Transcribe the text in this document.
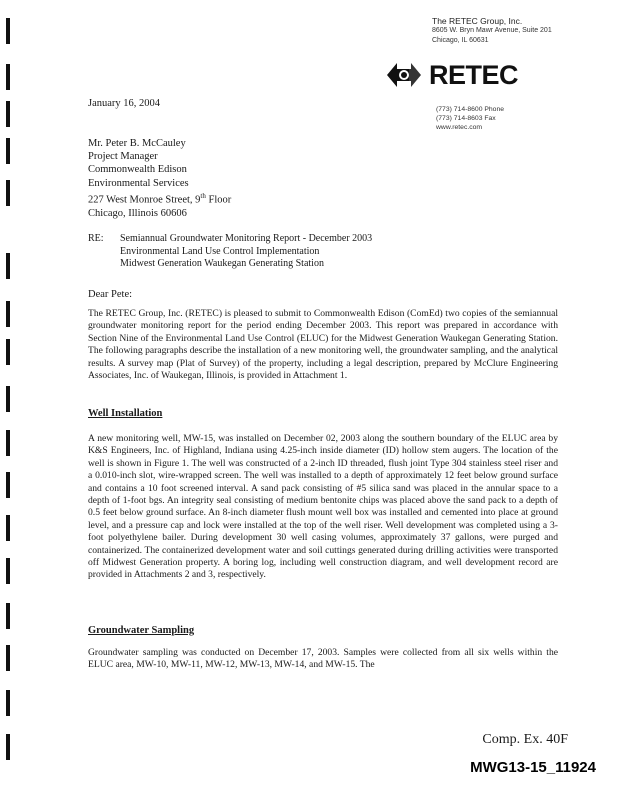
The RETEC Group, Inc.
8605 W. Bryn Mawr Avenue, Suite 201
Chicago, IL 60631
RETEC
(773) 714-8600 Phone
(773) 714-8603 Fax
www.retec.com
January 16, 2004
Mr. Peter B. McCauley
Project Manager
Commonwealth Edison
Environmental Services
227 West Monroe Street, 9th Floor
Chicago, Illinois 60606
RE: Semiannual Groundwater Monitoring Report - December 2003
Environmental Land Use Control Implementation
Midwest Generation Waukegan Generating Station
Dear Pete:

The RETEC Group, Inc. (RETEC) is pleased to submit to Commonwealth Edison (ComEd) two copies of the semiannual groundwater monitoring report for the period ending December 2003. This report was prepared in accordance with Section Nine of the Environmental Land Use Control (ELUC) for the Midwest Generation Waukegan Generating Station. The following paragraphs describe the installation of a new monitoring well, the groundwater sampling, and the analytical results. A survey map (Plat of Survey) of the property, including a legal description, prepared by McClure Engineering Associates, Inc. of Waukegan, Illinois, is provided in Attachment 1.

Well Installation

A new monitoring well, MW-15, was installed on December 02, 2003 along the southern boundary of the ELUC area by K&S Engineers, Inc. of Highland, Indiana using 4.25-inch inside diameter (ID) hollow stem augers. The location of the well is shown in Figure 1. The well was constructed of a 2-inch ID threaded, flush joint Type 304 stainless steel riser and a 0.010-inch slot, wire-wrapped screen. The well was installed to a depth of approximately 12 feet below ground surface and contains a 10 foot screened interval. A sand pack consisting of #5 silica sand was placed in the annular space to a depth of 1-foot bgs. An integrity seal consisting of medium bentonite chips was placed above the sand pack to a depth of 0.5 feet below ground surface. An 8-inch diameter flush mount well box was installed and cemented into place at ground level, and a pressure cap and lock were installed at the top of the well riser. Well development was completed using a 3-foot polyethylene bailer. During development 30 well casing volumes, approximately 37 gallons, were purged and containerized. The containerized development water and soil cuttings generated during drilling activities were transported off Midwest Generation property. A boring log, including well construction diagram, and well development record are provided in Attachments 2 and 3, respectively.

Groundwater Sampling

Groundwater sampling was conducted on December 17, 2003. Samples were collected from all six wells within the ELUC area, MW-10, MW-11, MW-12, MW-13, MW-14, and MW-15. The

Comp. Ex. 40F
MWG13-15_11924
